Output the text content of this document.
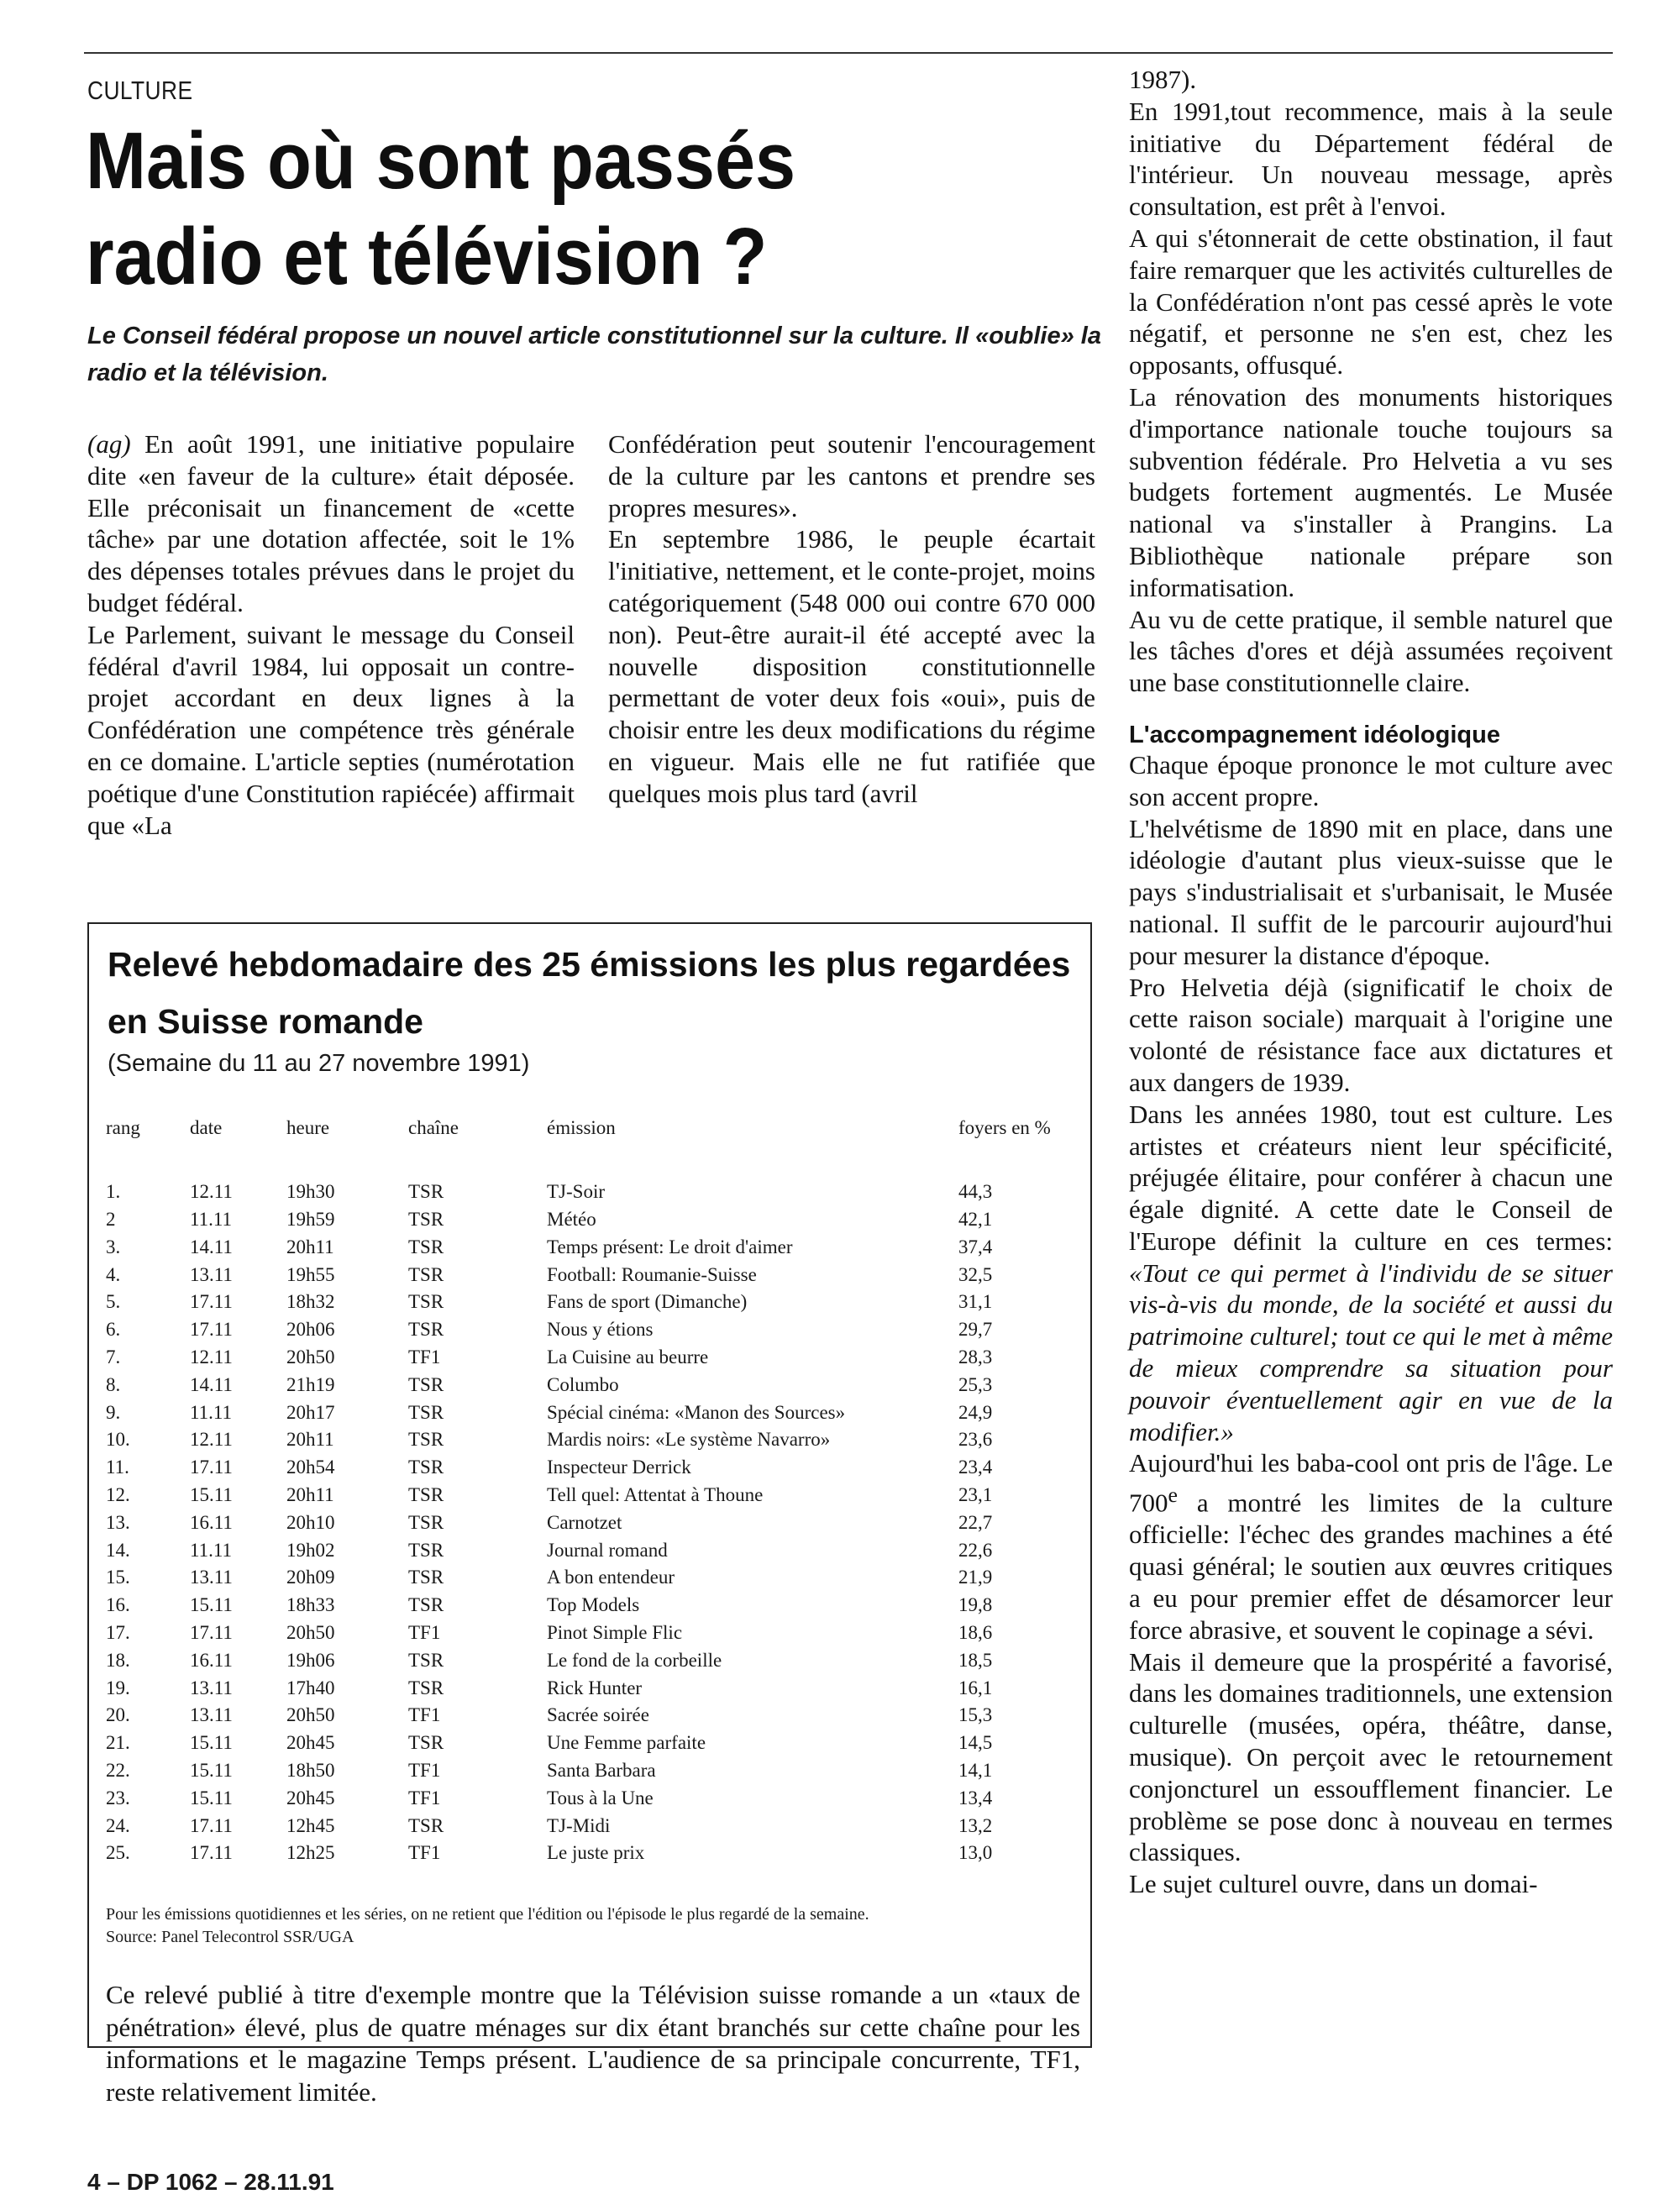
CULTURE
Mais où sont passés
radio et télévision ?

Le Conseil fédéral propose un nouvel article constitutionnel sur la culture. Il «oublie» la radio et la télévision.

(ag) En août 1991, une initiative populaire dite «en faveur de la culture» était déposée. Elle préconisait un financement de «cette tâche» par une dotation affectée, soit le 1% des dépenses totales prévues dans le projet du budget fédéral.

Le Parlement, suivant le message du Conseil fédéral d'avril 1984, lui opposait un contre-projet accordant en deux lignes à la Confédération une compétence très générale en ce domaine. L'article septies (numérotation poétique d'une Constitution rapiécée) affirmait que «La

Confédération peut soutenir l'encouragement de la culture par les cantons et prendre ses propres mesures».

En septembre 1986, le peuple écartait l'initiative, nettement, et le conte-projet, moins catégoriquement (548 000 oui contre 670 000 non). Peut-être aurait-il été accepté avec la nouvelle disposition constitutionnelle permettant de voter deux fois «oui», puis de choisir entre les deux modifications du régime en vigueur. Mais elle ne fut ratifiée que quelques mois plus tard (avril

1987).

En 1991,tout recommence, mais à la seule initiative du Département fédéral de l'intérieur. Un nouveau message, après consultation, est prêt à l'envoi.

A qui s'étonnerait de cette obstination, il faut faire remarquer que les activités culturelles de la Confédération n'ont pas cessé après le vote négatif, et personne ne s'en est, chez les opposants, offusqué.

La rénovation des monuments historiques d'importance nationale touche toujours sa subvention fédérale. Pro Helvetia a vu ses budgets fortement augmentés. Le Musée national va s'installer à Prangins. La Bibliothèque nationale prépare son informatisation.

Au vu de cette pratique, il semble naturel que les tâches d'ores et déjà assumées reçoivent une base constitutionnelle claire.

L'accompagnement idéologique

Chaque époque prononce le mot culture avec son accent propre.

L'helvétisme de 1890 mit en place, dans une idéologie d'autant plus vieux-suisse que le pays s'industrialisait et s'urbanisait, le Musée national. Il suffit de le parcourir aujourd'hui pour mesurer la distance d'époque.

Pro Helvetia déjà (significatif le choix de cette raison sociale) marquait à l'origine une volonté de résistance face aux dictatures et aux dangers de 1939.

Dans les années 1980, tout est culture. Les artistes et créateurs nient leur spécificité, préjugée élitaire, pour conférer à chacun une égale dignité. A cette date le Conseil de l'Europe définit la culture en ces termes: «Tout ce qui permet à l'individu de se situer vis-à-vis du monde, de la société et aussi du patrimoine culturel; tout ce qui le met à même de mieux comprendre sa situation pour pouvoir éventuellement agir en vue de la modifier.»

Aujourd'hui les baba-cool ont pris de l'âge. Le 700e a montré les limites de la culture officielle: l'échec des grandes machines a été quasi général; le soutien aux œuvres critiques a eu pour premier effet de désamorcer leur force abrasive, et souvent le copinage a sévi.

Mais il demeure que la prospérité a favorisé, dans les domaines traditionnels, une extension culturelle (musées, opéra, théâtre, danse, musique). On perçoit avec le retournement conjoncturel un essoufflement financier. Le problème se pose donc à nouveau en termes classiques.

Le sujet culturel ouvre, dans un domai-

Relevé hebdomadaire des 25 émissions les plus regardées en Suisse romande
(Semaine du 11 au 27 novembre 1991)
rang	date	heure	chaîne	émission	foyers en %

1.	12.11	19h30	TSR	TJ-Soir	44,3
2	11.11	19h59	TSR	Météo	42,1
3.	14.11	20h11	TSR	Temps présent: Le droit d'aimer	37,4
4.	13.11	19h55	TSR	Football: Roumanie-Suisse	32,5
5.	17.11	18h32	TSR	Fans de sport (Dimanche)	31,1
6.	17.11	20h06	TSR	Nous y étions	29,7
7.	12.11	20h50	TF1	La Cuisine au beurre	28,3
8.	14.11	21h19	TSR	Columbo	25,3
9.	11.11	20h17	TSR	Spécial cinéma: «Manon des Sources»	24,9
10.	12.11	20h11	TSR	Mardis noirs: «Le système Navarro»	23,6
11.	17.11	20h54	TSR	Inspecteur Derrick	23,4
12.	15.11	20h11	TSR	Tell quel: Attentat à Thoune	23,1
13.	16.11	20h10	TSR	Carnotzet	22,7
14.	11.11	19h02	TSR	Journal romand	22,6
15.	13.11	20h09	TSR	A bon entendeur	21,9
16.	15.11	18h33	TSR	Top Models	19,8
17.	17.11	20h50	TF1	Pinot Simple Flic	18,6
18.	16.11	19h06	TSR	Le fond de la corbeille	18,5
19.	13.11	17h40	TSR	Rick Hunter	16,1
20.	13.11	20h50	TF1	Sacrée soirée	15,3
21.	15.11	20h45	TSR	Une Femme parfaite	14,5
22.	15.11	18h50	TF1	Santa Barbara	14,1
23.	15.11	20h45	TF1	Tous à la Une	13,4
24.	17.11	12h45	TSR	TJ-Midi	13,2
25.	17.11	12h25	TF1	Le juste prix	13,0

Pour les émissions quotidiennes et les séries, on ne retient que l'édition ou l'épisode le plus regardé de la semaine.
Source: Panel Telecontrol SSR/UGA

Ce relevé publié à titre d'exemple montre que la Télévision suisse romande a un «taux de pénétration» élevé, plus de quatre ménages sur dix étant branchés sur cette chaîne pour les informations et le magazine Temps présent. L'audience de sa principale concurrente, TF1, reste relativement limitée.

4 – DP 1062 – 28.11.91
